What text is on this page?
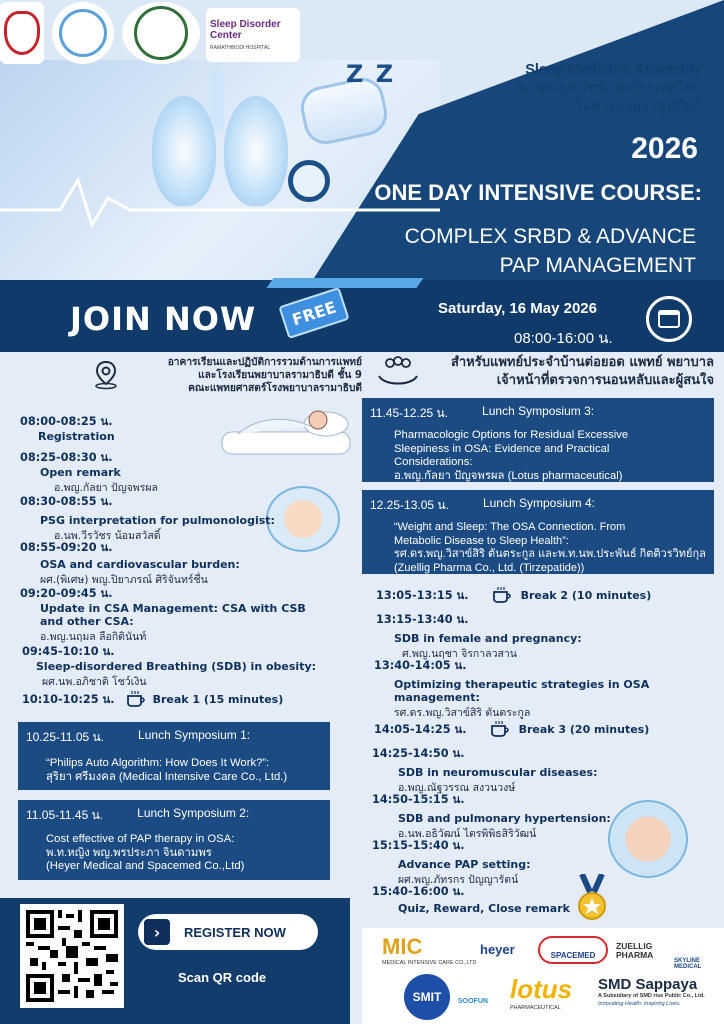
Sleep Disorder Center
RAMATHIBODI HOSPITAL
Z Z	Sleep Medicine Assembly
สมาคมอุรเวชช์แห่งประเทศไทย
ในพระบรมราชูปถัมภ์
2026
ONE DAY INTENSIVE COURSE:
COMPLEX SRBD & ADVANCE
PAP MANAGEMENT
JOIN NOW	FREE	Saturday, 16 May 2026
08:00-16:00 น.
อาคารเรียนและปฏิบัติการรวมด้านการแพทย์
และโรงเรียนพยาบาลรามาธิบดี ชั้น 9
คณะแพทยศาสตร์โรงพยาบาลรามาธิบดี
สำหรับแพทย์ประจำบ้านต่อยอด แพทย์ พยาบาล
เจ้าหน้าที่ตรวจการนอนหลับและผู้สนใจ
08:00-08:25 น.
Registration
08:25-08:30 น.
Open remark
อ.พญ.กัลยา ปัญจพรผล
08:30-08:55 น.
PSG interpretation for pulmonologist:
อ.นพ.วีรวัชร น้อมสวัสดิ์
08:55-09:20 น.
OSA and cardiovascular burden:
ผศ.(พิเศษ) พญ.ปิยาภรณ์ ศิริจันทร์ชื่น
09:20-09:45 น.
Update in CSA Management: CSA with CSB
and other CSA:
อ.พญ.นฤมล ลือกิตินันท์
09:45-10:10 น.
Sleep-disordered Breathing (SDB) in obesity:
ผศ.นพ.อภิชาติ โชว์เงิน
10:10-10:25 น.	Break 1 (15 minutes)
10.25-11.05 น.	Lunch Symposium 1:
“Philips Auto Algorithm: How Does It Work?”:
สุริยา ศรีมงคล (Medical Intensive Care Co., Ltd.)
11.05-11.45 น.	Lunch Symposium 2:
Cost effective of PAP therapy in OSA:
พ.ท.หญิง พญ.พรประภา จินดามพร
(Heyer Medical and Spacemed Co.,Ltd)
11.45-12.25 น.	Lunch Symposium 3:
Pharmacologic Options for Residual Excessive
Sleepiness in OSA: Evidence and Practical
Considerations:
อ.พญ.กัลยา ปัญจพรผล (Lotus pharmaceutical)
12.25-13.05 น.	Lunch Symposium 4:
“Weight and Sleep: The OSA Connection. From
Metabolic Disease to Sleep Health”:
รศ.ดร.พญ.วิสาข์สิริ ตันตระกูล และพ.ท.นพ.ประพันธ์ กิตติวรวิทย์กุล
(Zuellig Pharma Co., Ltd. (Tirzepatide))
13:05-13:15 น.	Break 2 (10 minutes)
13:15-13:40 น.
SDB in female and pregnancy:
ศ.พญ.นฤชา จิรกาลวสาน
13:40-14:05 น.
Optimizing therapeutic strategies in OSA
management:
รศ.ดร.พญ.วิสาข์สิริ ตันตระกูล
14:05-14:25 น.	Break 3 (20 minutes)
14:25-14:50 น.
SDB in neuromuscular diseases:
อ.พญ.ณัฐวรรณ สงวนวงษ์
14:50-15:15 น.
SDB and pulmonary hypertension:
อ.นพ.อธิวัฒน์ ไตรพิพิธสิริวัฒน์
15:15-15:40 น.
Advance PAP setting:
ผศ.พญ.ภัทรกร ปัญญารัตน์
15:40-16:00 น.
Quiz, Reward, Close remark
›	REGISTER NOW
Scan QR code
MIC
MEDICAL INTENSIVE CARE CO.,LTD
heyer	SPACEMED
ZUELLIG PHARMA
SKYLINE MEDICAL
SMIT	SOOFUN lotus
PHARMACEUTICAL
SMD Sappaya
A Subsidiary of SMD rise Public Co., Ltd.
Innovating Health. Inspiring Lives.
